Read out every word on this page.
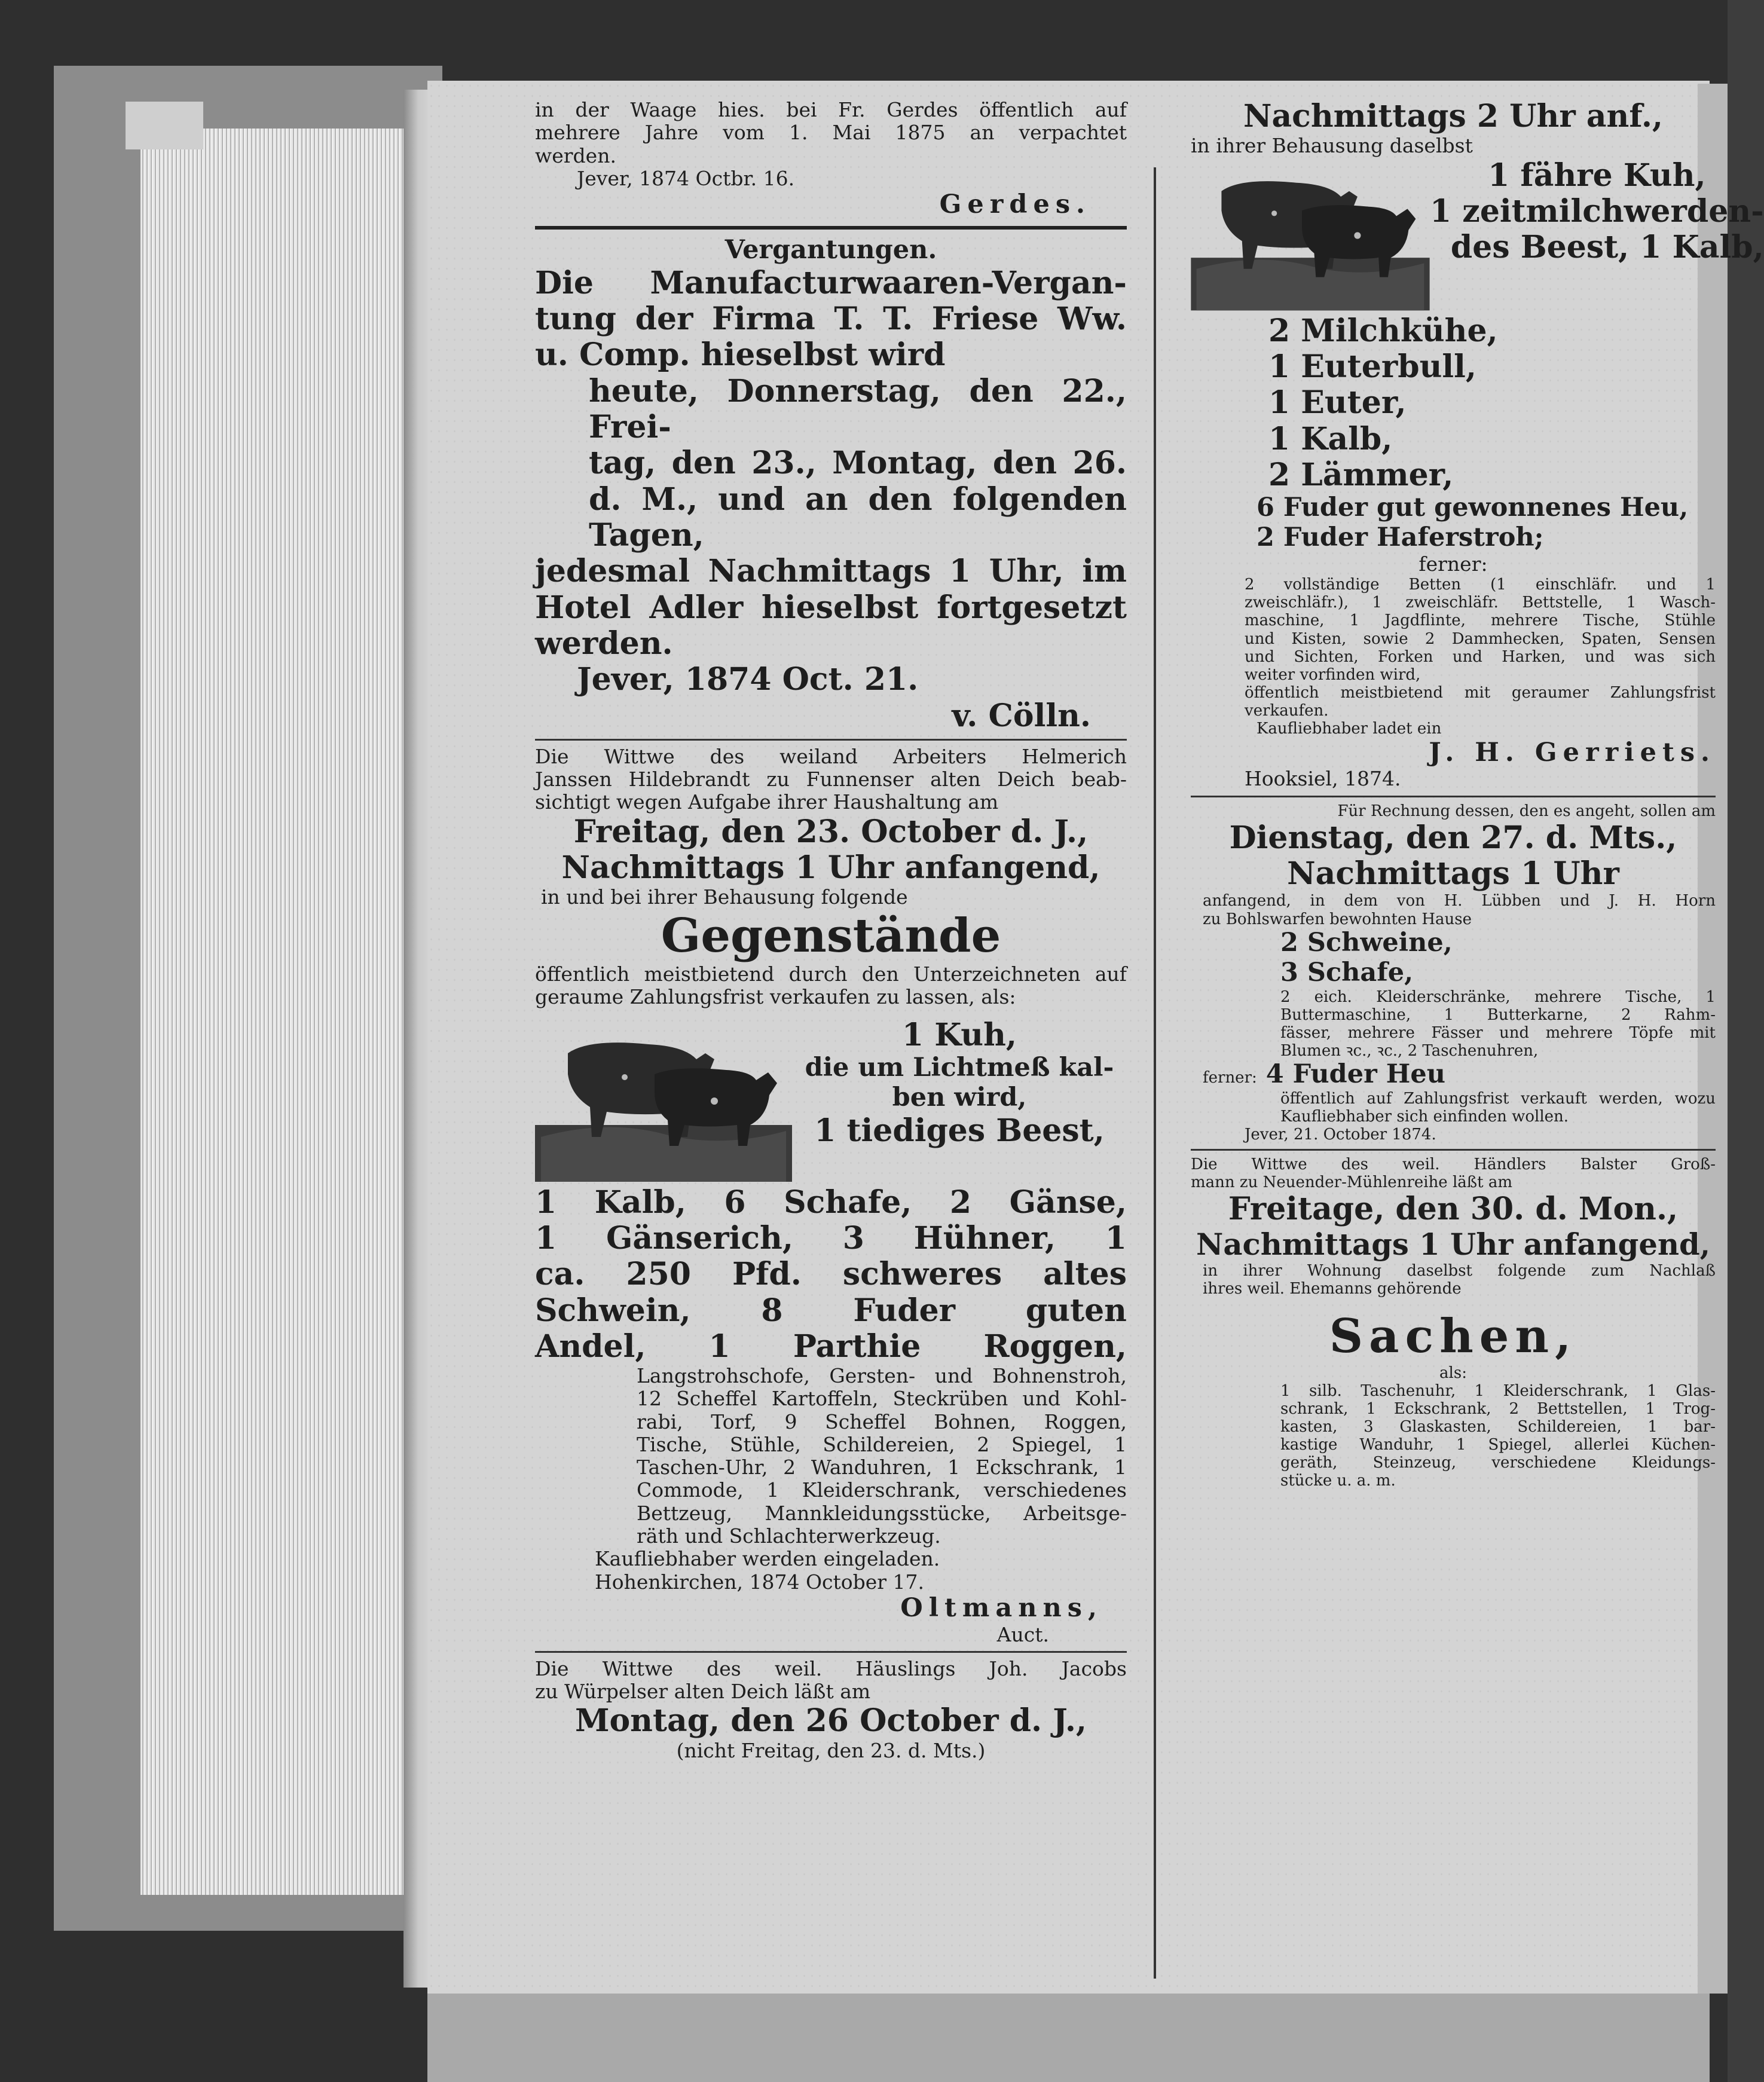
in der Waage hies. bei Fr. Gerdes öffentlich auf

mehrere Jahre vom 1. Mai 1875 an verpachtet

werden.

Jever, 1874 Octbr. 16.

Gerdes.

Vergantungen.

Die Manufacturwaaren-Vergan-

tung der Firma T. T. Friese Ww.

u. Comp. hieselbst wird

heute, Donnerstag, den 22., Frei-

tag, den 23., Montag, den 26.

d. M., und an den folgenden

Tagen,

jedesmal Nachmittags 1 Uhr, im

Hotel Adler hieselbst fortgesetzt werden.

Jever, 1874 Oct. 21.

v. Cölln.

Die Wittwe des weiland Arbeiters Helmerich

Janssen Hildebrandt zu Funnenser alten Deich beab-

sichtigt wegen Aufgabe ihrer Haushaltung am

Freitag, den 23. October d. J.,

Nachmittags 1 Uhr anfangend,

in und bei ihrer Behausung folgende

Gegenstände

öffentlich meistbietend durch den Unterzeichneten auf

geraume Zahlungsfrist verkaufen zu lassen, als:

1 Kuh,

die um Lichtmeß kal-

ben wird,

1 tiediges Beest,

1 Kalb, 6 Schafe, 2 Gänse,

1 Gänserich, 3 Hühner, 1

ca. 250 Pfd. schweres altes

Schwein, 8 Fuder guten

Andel, 1 Parthie Roggen,

Langstrohschofe, Gersten- und Bohnenstroh,

12 Scheffel Kartoffeln, Steckrüben und Kohl-

rabi, Torf, 9 Scheffel Bohnen, Roggen,

Tische, Stühle, Schildereien, 2 Spiegel, 1

Taschen-Uhr, 2 Wanduhren, 1 Eckschrank, 1

Commode, 1 Kleiderschrank, verschiedenes

Bettzeug, Mannkleidungsstücke, Arbeitsge-

räth und Schlachterwerkzeug.

Kaufliebhaber werden eingeladen.

Hohenkirchen, 1874 October 17.

Oltmanns,

Auct.

Die Wittwe des weil. Häuslings Joh. Jacobs

zu Würpelser alten Deich läßt am

Montag, den 26 October d. J.,

(nicht Freitag, den 23. d. Mts.)

Nachmittags 2 Uhr anf.,

in ihrer Behausung daselbst

1 fähre Kuh,

1 zeitmilchwerden-

des Beest, 1 Kalb,

2 Milchkühe,

1 Euterbull,

1 Euter,

1 Kalb,

2 Lämmer,

6 Fuder gut gewonnenes Heu,

2 Fuder Haferstroh;

ferner:

2 vollständige Betten (1 einschläfr. und 1

zweischläfr.), 1 zweischläfr. Bettstelle, 1 Wasch-

maschine, 1 Jagdflinte, mehrere Tische, Stühle

und Kisten, sowie 2 Dammhecken, Spaten, Sensen

und Sichten, Forken und Harken, und was sich

weiter vorfinden wird,

öffentlich meistbietend mit geraumer Zahlungsfrist

verkaufen.

Kaufliebhaber ladet ein

J. H. Gerriets.

Hooksiel, 1874.

Für Rechnung dessen, den es angeht, sollen am

Dienstag, den 27. d. Mts.,

Nachmittags 1 Uhr

anfangend, in dem von H. Lübben und J. H. Horn

zu Bohlswarfen bewohnten Hause

2 Schweine,

3 Schafe,

2 eich. Kleiderschränke, mehrere Tische, 1

Buttermaschine, 1 Butterkarne, 2 Rahm-

fässer, mehrere Fässer und mehrere Töpfe mit

Blumen ꝛc., ꝛc., 2 Taschenuhren,

ferner: 4 Fuder Heu

öffentlich auf Zahlungsfrist verkauft werden, wozu

Kaufliebhaber sich einfinden wollen.

Jever, 21. October 1874.

Die Wittwe des weil. Händlers Balster Groß-

mann zu Neuender-Mühlenreihe läßt am

Freitage, den 30. d. Mon.,

Nachmittags 1 Uhr anfangend,

in ihrer Wohnung daselbst folgende zum Nachlaß

ihres weil. Ehemanns gehörende

Sachen,

als:

1 silb. Taschenuhr, 1 Kleiderschrank, 1 Glas-

schrank, 1 Eckschrank, 2 Bettstellen, 1 Trog-

kasten, 3 Glaskasten, Schildereien, 1 bar-

kastige Wanduhr, 1 Spiegel, allerlei Küchen-

geräth, Steinzeug, verschiedene Kleidungs-

stücke u. a. m.
